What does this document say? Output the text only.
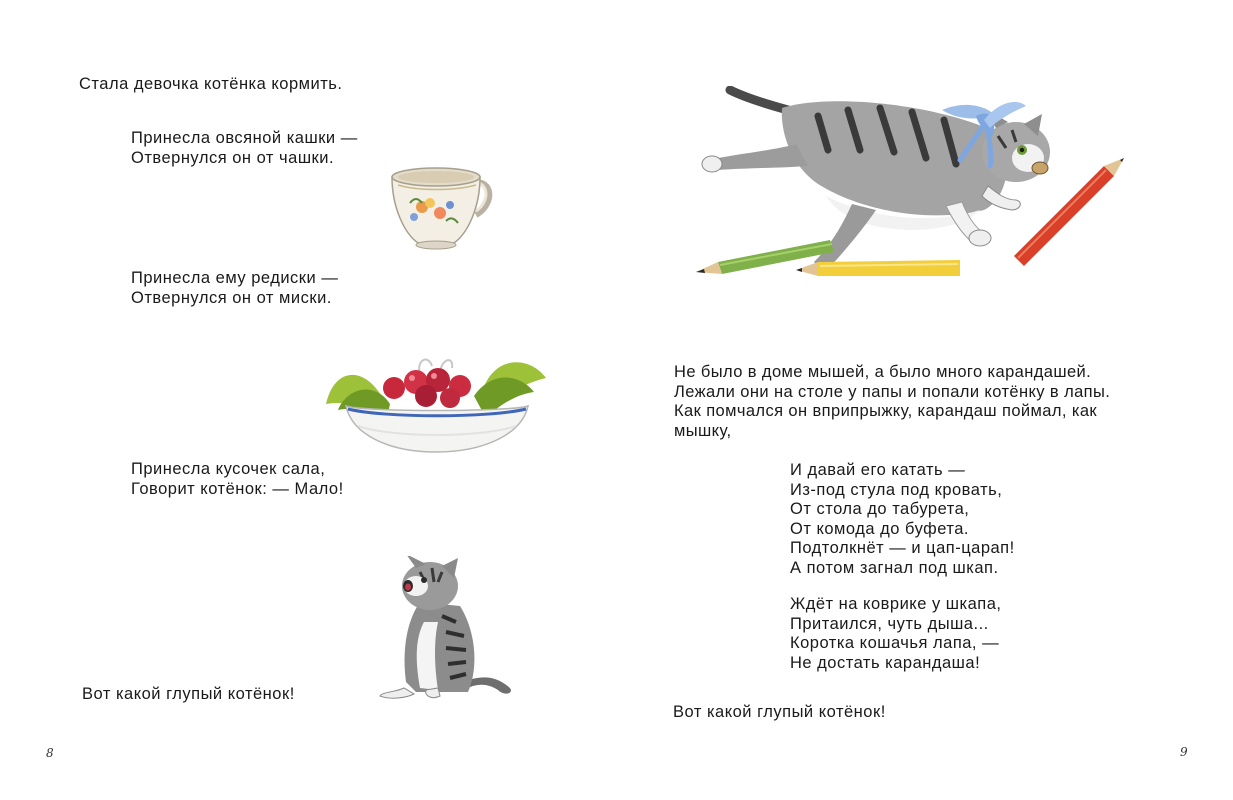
Стала девочка котёнка кормить.
Принесла овсяной кашки —
Отвернулся он от чашки.
Принесла ему редиски —
Отвернулся он от миски.
Принесла кусочек сала,
Говорит котёнок: — Мало!
Вот какой глупый котёнок!
8
Не было в доме мышей, а было много карандашей.
Лежали они на столе у папы и попали котёнку в лапы.
Как помчался он вприпрыжку, карандаш поймал, как
мышку,
И давай его катать —
Из-под стула под кровать,
От стола до табурета,
От комода до буфета.
Подтолкнёт — и цап-царап!
А потом загнал под шкап.
Ждёт на коврике у шкапа,
Притаился, чуть дыша...
Коротка кошачья лапа, —
Не достать карандаша!
Вот какой глупый котёнок!
9
